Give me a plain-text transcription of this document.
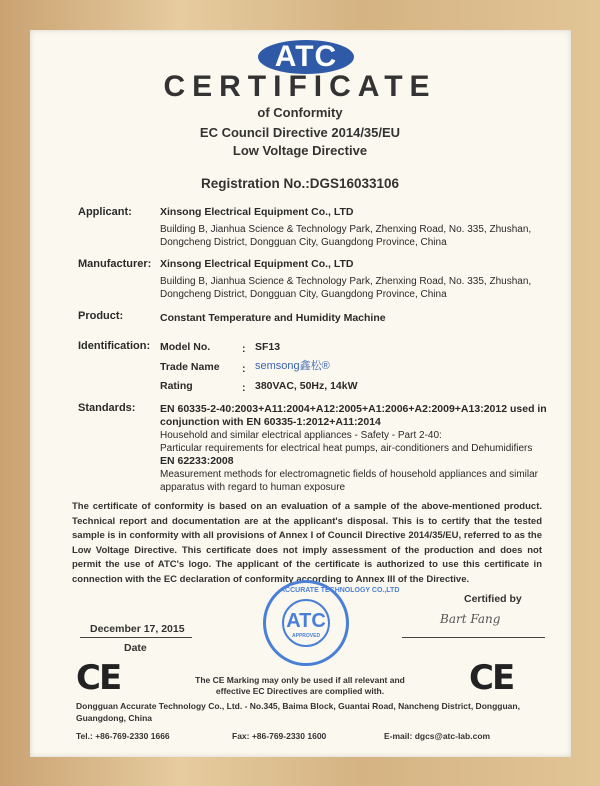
ATC
CERTIFICATE
of Conformity
EC Council Directive 2014/35/EU
Low Voltage Directive
Registration No.:DGS16033106
Applicant:	Xinsong Electrical Equipment Co., LTD
Building B, Jianhua Science & Technology Park, Zhenxing Road, No. 335, Zhushan,
Dongcheng District, Dongguan City, Guangdong Province, China
Manufacturer: Xinsong Electrical Equipment Co., LTD
Building B, Jianhua Science & Technology Park, Zhenxing Road, No. 335, Zhushan,
Dongcheng District, Dongguan City, Guangdong Province, China
Product:	Constant Temperature and Humidity Machine
Identification: Model No.	: SF13
Trade Name : semsong鑫松®
Rating	: 380VAC, 50Hz, 14kW
Standards: EN 60335-2-40:2003+A11:2004+A12:2005+A1:2006+A2:2009+A13:2012 used in
conjunction with EN 60335-1:2012+A11:2014
Household and similar electrical appliances - Safety - Part 2-40:
Particular requirements for electrical heat pumps, air-conditioners and Dehumidifiers
EN 62233:2008
Measurement methods for electromagnetic fields of household appliances and similar
apparatus with regard to human exposure
The certificate of conformity is based on an evaluation of a sample of the above-mentioned product. Technical report and documentation are at the applicant's disposal. This is to certify that the tested sample is in conformity with all provisions of Annex I of Council Directive 2014/35/EU, referred to as the Low Voltage Directive. This certificate does not imply assessment of the production and does not permit the use of ATC's logo. The applicant of the certificate is authorized to use this certificate in connection with the EC declaration of conformity according to Annex III of the Directive.
Certified by
Bart Fang
December 17, 2015
Date
ACCURATE TECHNOLOGY CO.,LTD
ATC
APPROVED
CE	CE
The CE Marking may only be used if all relevant and
effective EC Directives are complied with.
Dongguan Accurate Technology Co., Ltd. - No.345, Baima Block, Guantai Road, Nancheng District, Dongguan,
Guangdong, China
Tel.: +86-769-2330 1666	Fax: +86-769-2330 1600	E-mail: dgcs@atc-lab.com
